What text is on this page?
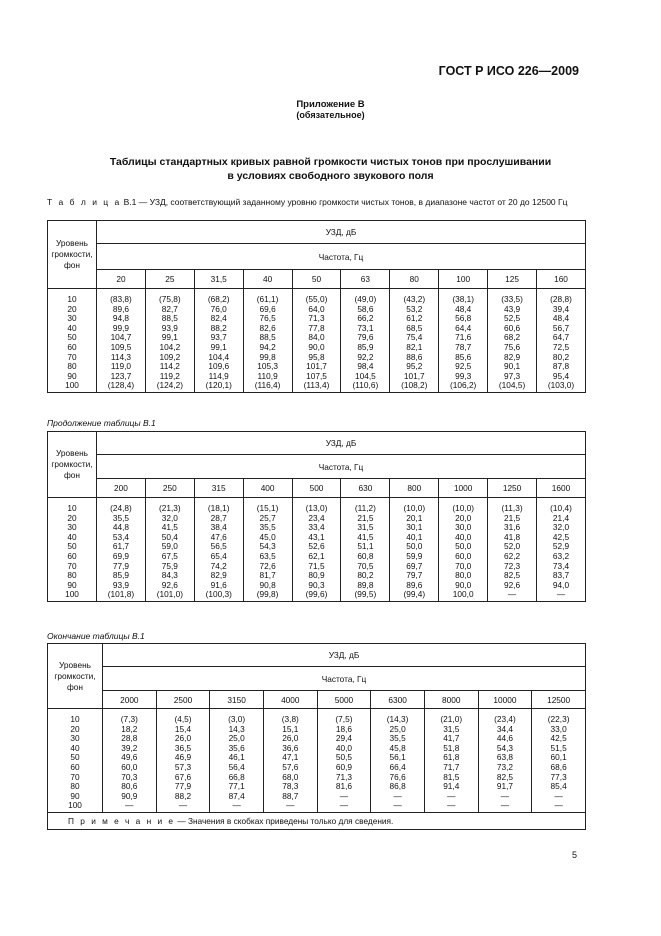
ГОСТ Р ИСО 226—2009
Приложение В
(обязательное)
Таблицы стандартных кривых равной громкости чистых тонов при прослушивании
в условиях свободного звукового поля
Т а б л и ц а В.1 — УЗД, соответствующий заданному уровню громкости чистых тонов, в диапазоне частот от 20 до 12500 Гц
Уровень громкости, фон	УЗД, дБ									
	Частота, Гц									
	20	25	31,5	40	50	63	80	100	125	160
10	(83,8)	(75,8)	(68,2)	(61,1)	(55,0)	(49,0)	(43,2)	(38,1)	(33,5)	(28,8)
20	89,6	82,7	76,0	69,6	64,0	58,6	53,2	48,4	43,9	39,4
30	94,8	88,5	82,4	76,5	71,3	66,2	61,2	56,8	52,5	48,4
40	99,9	93,9	88,2	82,6	77,8	73,1	68,5	64,4	60,6	56,7
50	104,7	99,1	93,7	88,5	84,0	79,6	75,4	71,6	68,2	64,7
60	109,5	104,2	99,1	94,2	90,0	85,9	82,1	78,7	75,6	72,5
70	114,3	109,2	104,4	99,8	95,8	92,2	88,6	85,6	82,9	80,2
80	119,0	114,2	109,6	105,3	101,7	98,4	95,2	92,5	90,1	87,8
90	123,7	119,2	114,9	110,9	107,5	104,5	101,7	99,3	97,3	95,4
100	(128,4)	(124,2)	(120,1)	(116,4)	(113,4)	(110,6)	(108,2)	(106,2)	(104,5)	(103,0)
Продолжение таблицы В.1
Уровень громкости, фон	УЗД, дБ									
	Частота, Гц									
	200	250	315	400	500	630	800	1000	1250	1600
10	(24,8)	(21,3)	(18,1)	(15,1)	(13,0)	(11,2)	(10,0)	(10,0)	(11,3)	(10,4)
20	35,5	32,0	28,7	25,7	23,4	21,5	20,1	20,0	21,5	21,4
30	44,8	41,5	38,4	35,5	33,4	31,5	30,1	30,0	31,6	32,0
40	53,4	50,4	47,6	45,0	43,1	41,5	40,1	40,0	41,8	42,5
50	61,7	59,0	56,5	54,3	52,6	51,1	50,0	50,0	52,0	52,9
60	69,9	67,5	65,4	63,5	62,1	60,8	59,9	60,0	62,2	63,2
70	77,9	75,9	74,2	72,6	71,5	70,5	69,7	70,0	72,3	73,4
80	85,9	84,3	82,9	81,7	80,9	80,2	79,7	80,0	82,5	83,7
90	93,9	92,6	91,6	90,8	90,3	89,8	89,6	90,0	92,6	94,0
100	(101,8)	(101,0)	(100,3)	(99,8)	(99,6)	(99,5)	(99,4)	100,0	—	—
Окончание таблицы В.1
Уровень громкости, фон	УЗД, дБ								
	Частота, Гц								
	2000	2500	3150	4000	5000	6300	8000	10000	12500
10	(7,3)	(4,5)	(3,0)	(3,8)	(7,5)	(14,3)	(21,0)	(23,4)	(22,3)
20	18,2	15,4	14,3	15,1	18,6	25,0	31,5	34,4	33,0
30	28,8	26,0	25,0	26,0	29,4	35,5	41,7	44,6	42,5
40	39,2	36,5	35,6	36,6	40,0	45,8	51,8	54,3	51,5
50	49,6	46,9	46,1	47,1	50,5	56,1	61,8	63,8	60,1
60	60,0	57,3	56,4	57,6	60,9	66,4	71,7	73,2	68,6
70	70,3	67,6	66,8	68,0	71,3	76,6	81,5	82,5	77,3
80	80,6	77,9	77,1	78,3	81,6	86,8	91,4	91,7	85,4
90	90,9	88,2	87,4	88,7	—	—	—	—	—
100	—	—	—	—	—	—	—	—	—
П р и м е ч а н и е — Значения в скобках приведены только для сведения.									
5
